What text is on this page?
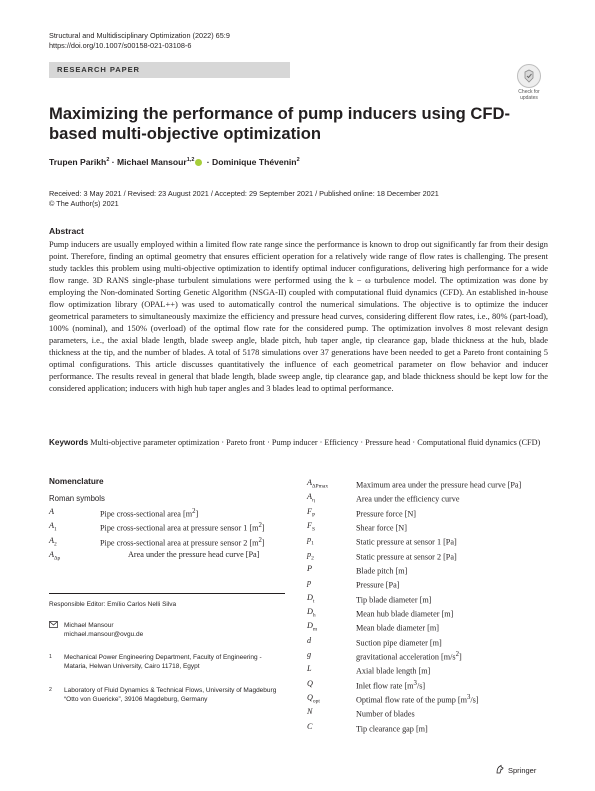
Structural and Multidisciplinary Optimization (2022) 65:9
https://doi.org/10.1007/s00158-021-03108-6
RESEARCH PAPER
Check for
updates
Maximizing the performance of pump inducers using CFD-based multi-objective optimization
Trupen Parikh$^2$ · Michael Mansour$^{1,2}$ · Dominique Thévenin$^2$
Received: 3 May 2021 / Revised: 23 August 2021 / Accepted: 29 September 2021 / Published online: 18 December 2021
© The Author(s) 2021
Abstract
Pump inducers are usually employed within a limited flow rate range since the performance is known to drop out significantly far from their design point. Therefore, finding an optimal geometry that ensures efficient operation for a relatively wide range of flow rates is challenging. The present study tackles this problem using multi-objective optimization to identify optimal inducer configurations, delivering high performance for a wide flow range. 3D RANS single-phase turbulent simulations were performed using the k − ω turbulence model. The optimization was done by employing the Non-dominated Sorting Genetic Algorithm (NSGA-II) coupled with computational fluid dynamics (CFD). An established in-house flow optimization library (OPAL++) was used to automatically control the numerical simulations. The objective is to optimize the inducer geometrical parameters to simultaneously maximize the efficiency and pressure head curves, considering different flow rates, i.e., 80% (part-load), 100% (nominal), and 150% (overload) of the optimal flow rate for the considered pump. The optimization involves 8 most relevant design parameters, i.e., the axial blade length, blade sweep angle, blade pitch, hub taper angle, tip clearance gap, blade thickness at the hub, blade thickness at the tip, and the number of blades. A total of 5178 simulations over 37 generations have been needed to get a Pareto front containing 5 optimal configurations. This article discusses quantitatively the influence of each geometrical parameter on flow behavior and inducer performance. The results reveal in general that blade length, blade sweep angle, tip clearance gap, and blade thickness should be kept low for the considered application; inducers with high hub taper angles and 3 blades lead to optimal performance.
Keywords Multi-objective parameter optimization · Pareto front · Pump inducer · Efficiency · Pressure head · Computational fluid dynamics (CFD)
Nomenclature
Roman symbols
A	Pipe cross-sectional area $[m^2]$
$A_1$	Pipe cross-sectional area at pressure sensor 1 $[m^2]$
$A_2$	Pipe cross-sectional area at pressure sensor 2 $[m^2]$
$A_{\Delta p}$	Area under the pressure head curve [Pa]
Responsible Editor: Emílio Carlos Nelli Silva
Michael Mansour
michael.mansour@ovgu.de
1 Mechanical Power Engineering Department, Faculty of Engineering - Mataria, Helwan University, Cairo 11718, Egypt
2 Laboratory of Fluid Dynamics & Technical Flows, University of Magdeburg “Otto von Guericke”, 39106 Magdeburg, Germany
$A_{\Delta Pmax}$	Maximum area under the pressure head curve [Pa]
$A_\eta$	Area under the efficiency curve
$F_P$	Pressure force [N]
$F_S$	Shear force [N]
$p_1$	Static pressure at sensor 1 [Pa]
$p_2$	Static pressure at sensor 2 [Pa]
P	Blade pitch [m]
p	Pressure [Pa]
$D_t$	Tip blade diameter [m]
$D_h$	Mean hub blade diameter [m]
$D_m$	Mean blade diameter [m]
d	Suction pipe diameter [m]
g	gravitational acceleration $[m/s^2]$
L	Axial blade length [m]
Q	Inlet flow rate $[m^3/s]$
$Q_{opt}$	Optimal flow rate of the pump $[m^3/s]$
N	Number of blades
C	Tip clearance gap [m]
Springer
